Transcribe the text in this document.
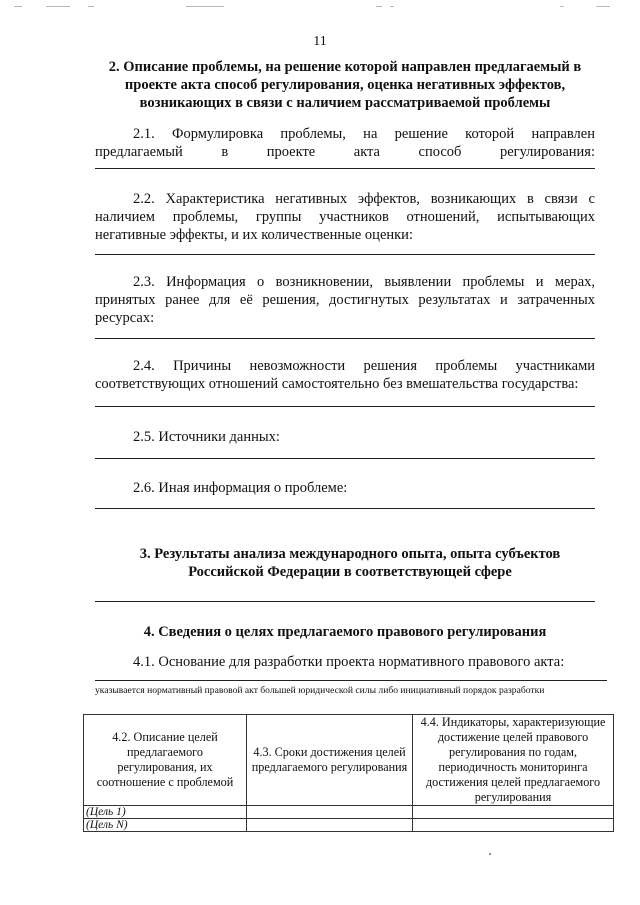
11
2. Описание проблемы, на решение которой направлен предлагаемый в проекте акта способ регулирования, оценка негативных эффектов, возникающих в связи с наличием рассматриваемой проблемы
2.1. Формулировка проблемы, на решение которой направлен предлагаемый в проекте акта способ регулирования:
2.2. Характеристика негативных эффектов, возникающих в связи с наличием проблемы, группы участников отношений, испытывающих негативные эффекты, и их количественные оценки:
2.3. Информация о возникновении, выявлении проблемы и мерах, принятых ранее для её решения, достигнутых результатах и затраченных ресурсах:
2.4. Причины невозможности решения проблемы участниками соответствующих отношений самостоятельно без вмешательства государства:
2.5. Источники данных:
2.6. Иная информация о проблеме:
3. Результаты анализа международного опыта, опыта субъектов Российской Федерации в соответствующей сфере
4. Сведения о целях предлагаемого правового регулирования
4.1. Основание для разработки проекта нормативного правового акта:
указывается нормативный правовой акт большей юридической силы либо инициативный порядок разработки
4.2. Описание целей предлагаемого регулирования, их соотношение с проблемой	4.3. Сроки достижения целей предлагаемого регулирования	4.4. Индикаторы, характеризующие достижение целей правового регулирования по годам, периодичность мониторинга достижения целей предлагаемого регулирования
(Цель 1)		
(Цель N)		
